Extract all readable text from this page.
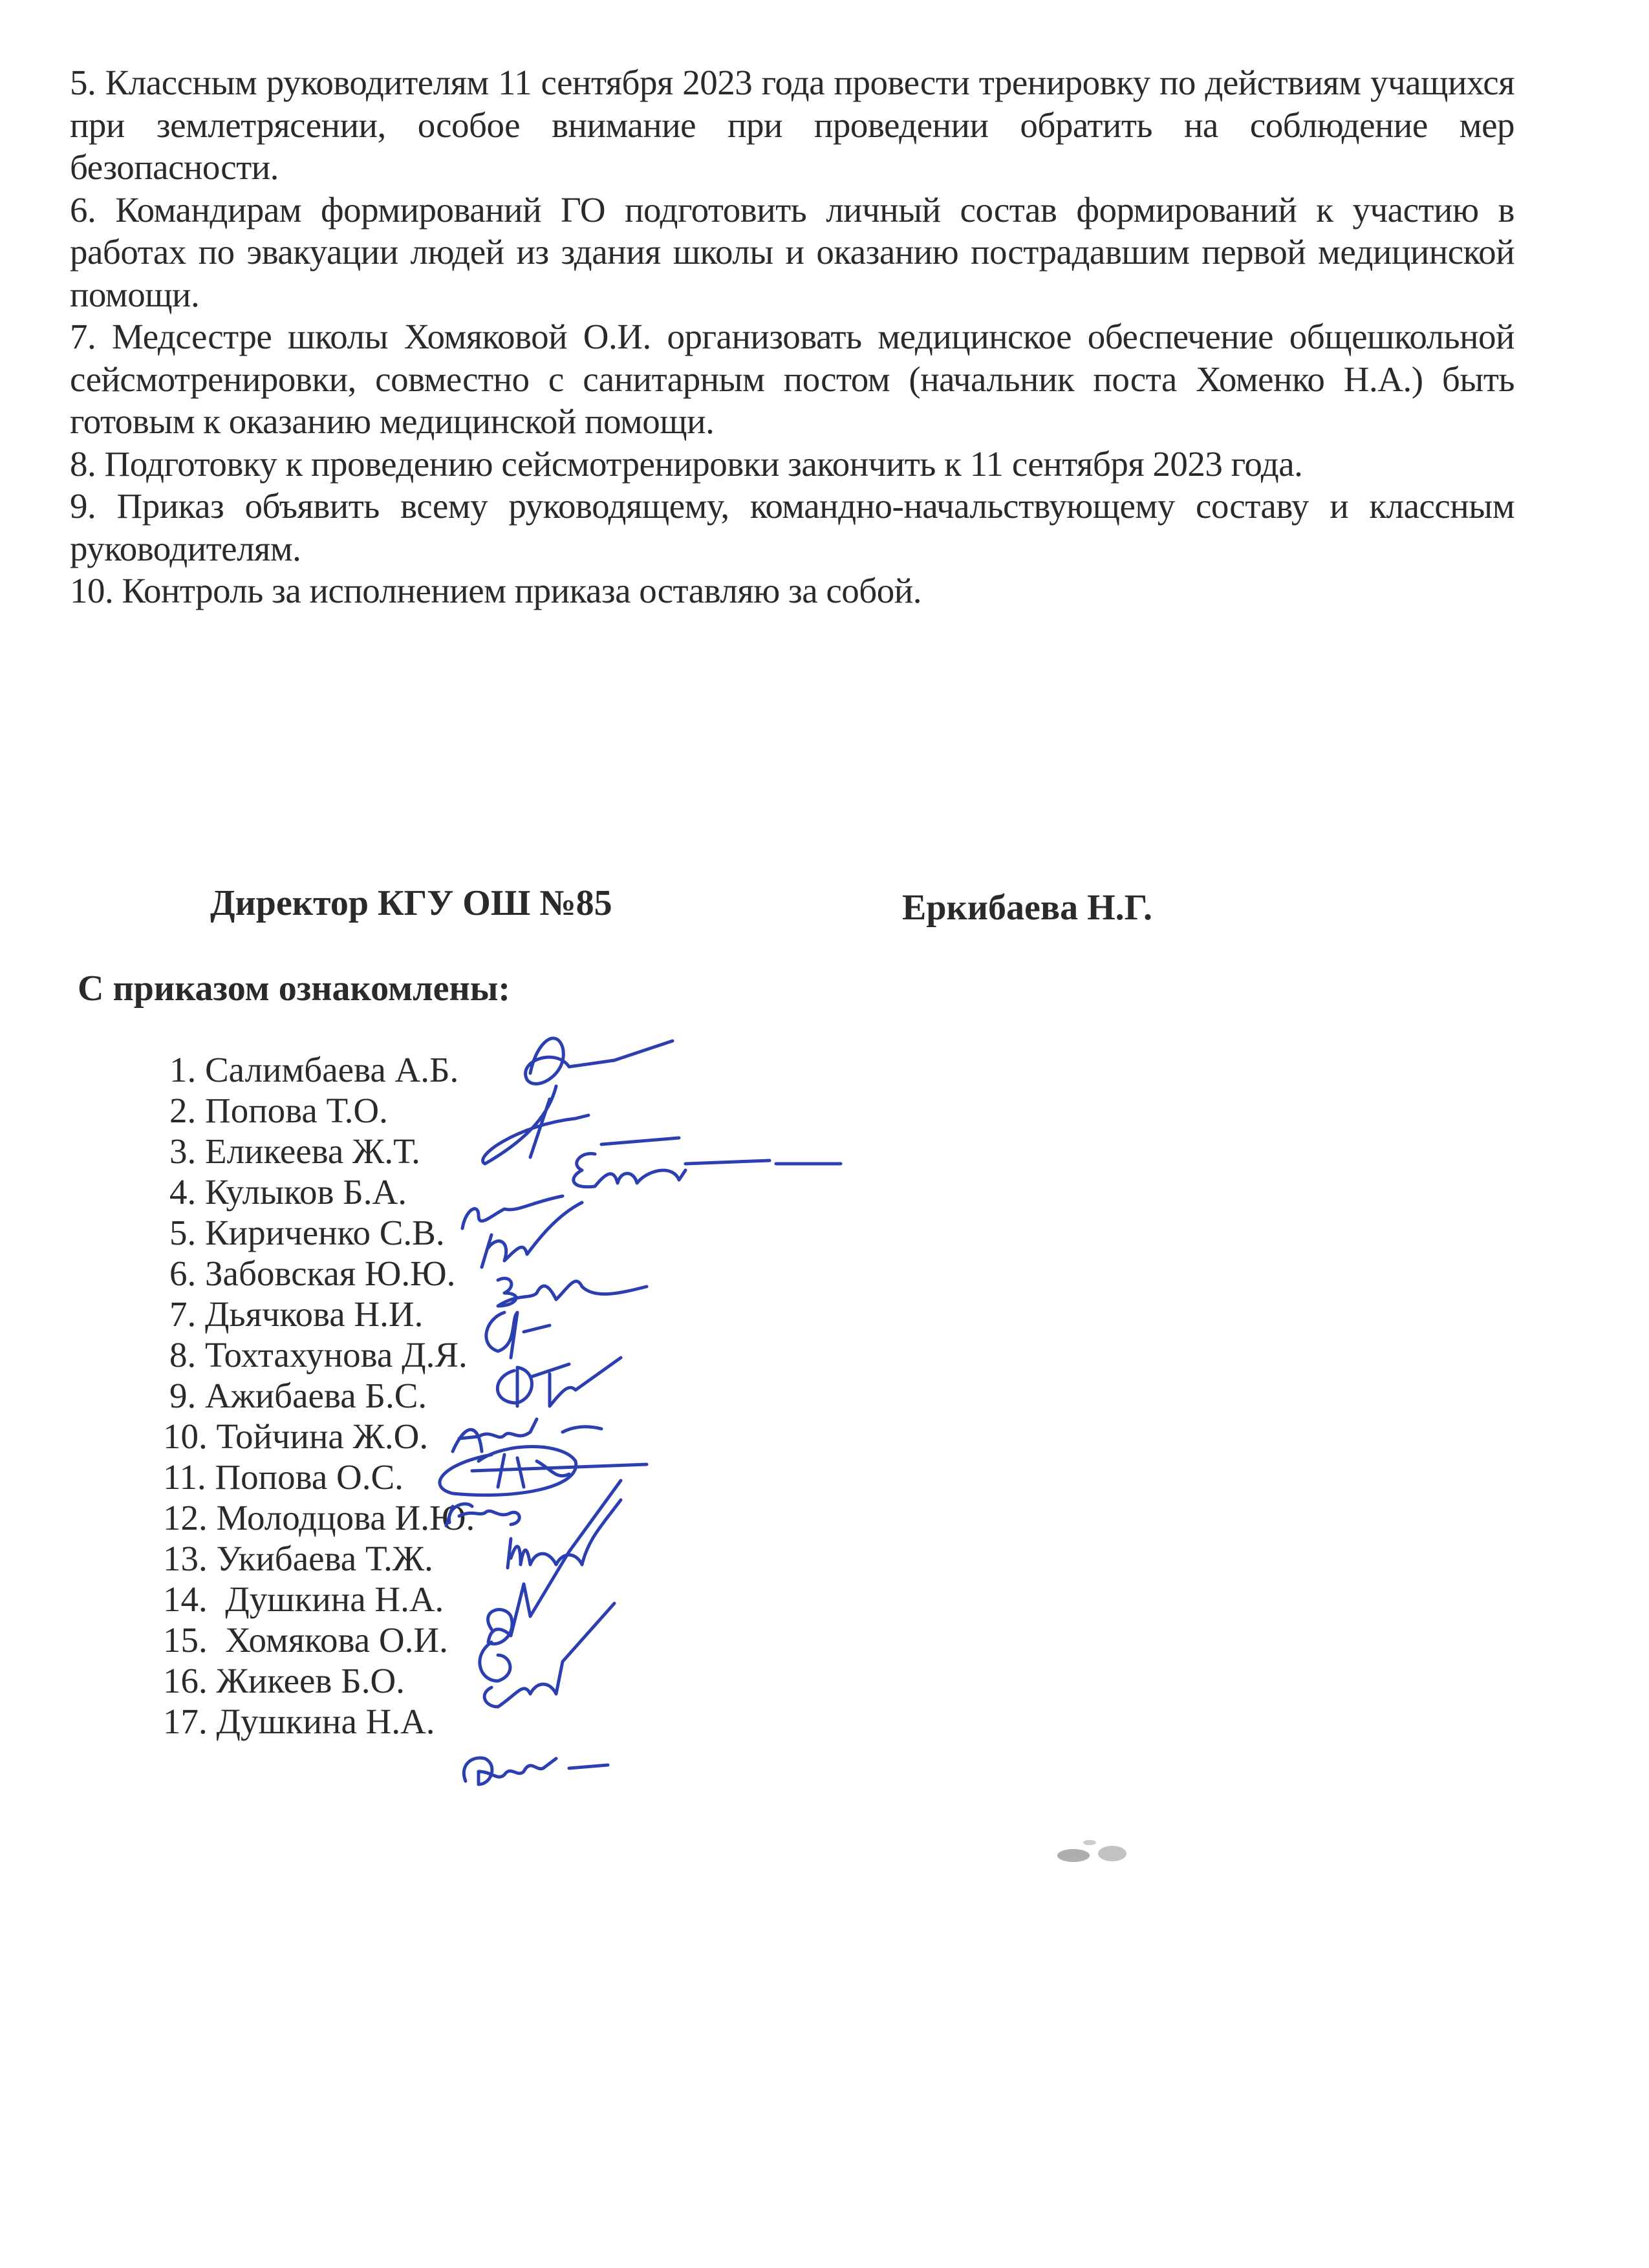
5. Классным руководителям 11 сентября 2023 года провести тренировку по действиям учащихся при землетрясении, особое внимание при проведении обратить на соблюдение мер безопасности.

6. Командирам формирований ГО подготовить личный состав формирований к участию в работах по эвакуации людей из здания школы и оказанию пострадавшим первой медицинской помощи.

7. Медсестре школы Хомяковой О.И. организовать медицинское обеспечение общешкольной сейсмотренировки, совместно с санитарным постом (начальник поста Хоменко Н.А.) быть готовым к оказанию медицинской помощи.

8. Подготовку к проведению сейсмотренировки закончить к 11 сентября 2023 года.

9. Приказ объявить всему руководящему, командно-начальствующему составу и классным руководителям.

10. Контроль за исполнением приказа оставляю за собой.

Директор КГУ ОШ №85	Еркибаева Н.Г.
С приказом ознакомлены:
1. Салимбаева А.Б.
2. Попова Т.О.
3. Еликеева Ж.Т.
4. Кулыков Б.А.
5. Кириченко С.В.
6. Забовская Ю.Ю.
7. Дьячкова Н.И.
8. Тохтахунова Д.Я.
9. Ажибаева Б.С.
10. Тойчина Ж.О.
11. Попова О.С.
12. Молодцова И.Ю.
13. Укибаева Т.Ж.
14.  Душкина Н.А.
15.  Хомякова О.И.
16. Жикеев Б.О.
17. Душкина Н.А.
